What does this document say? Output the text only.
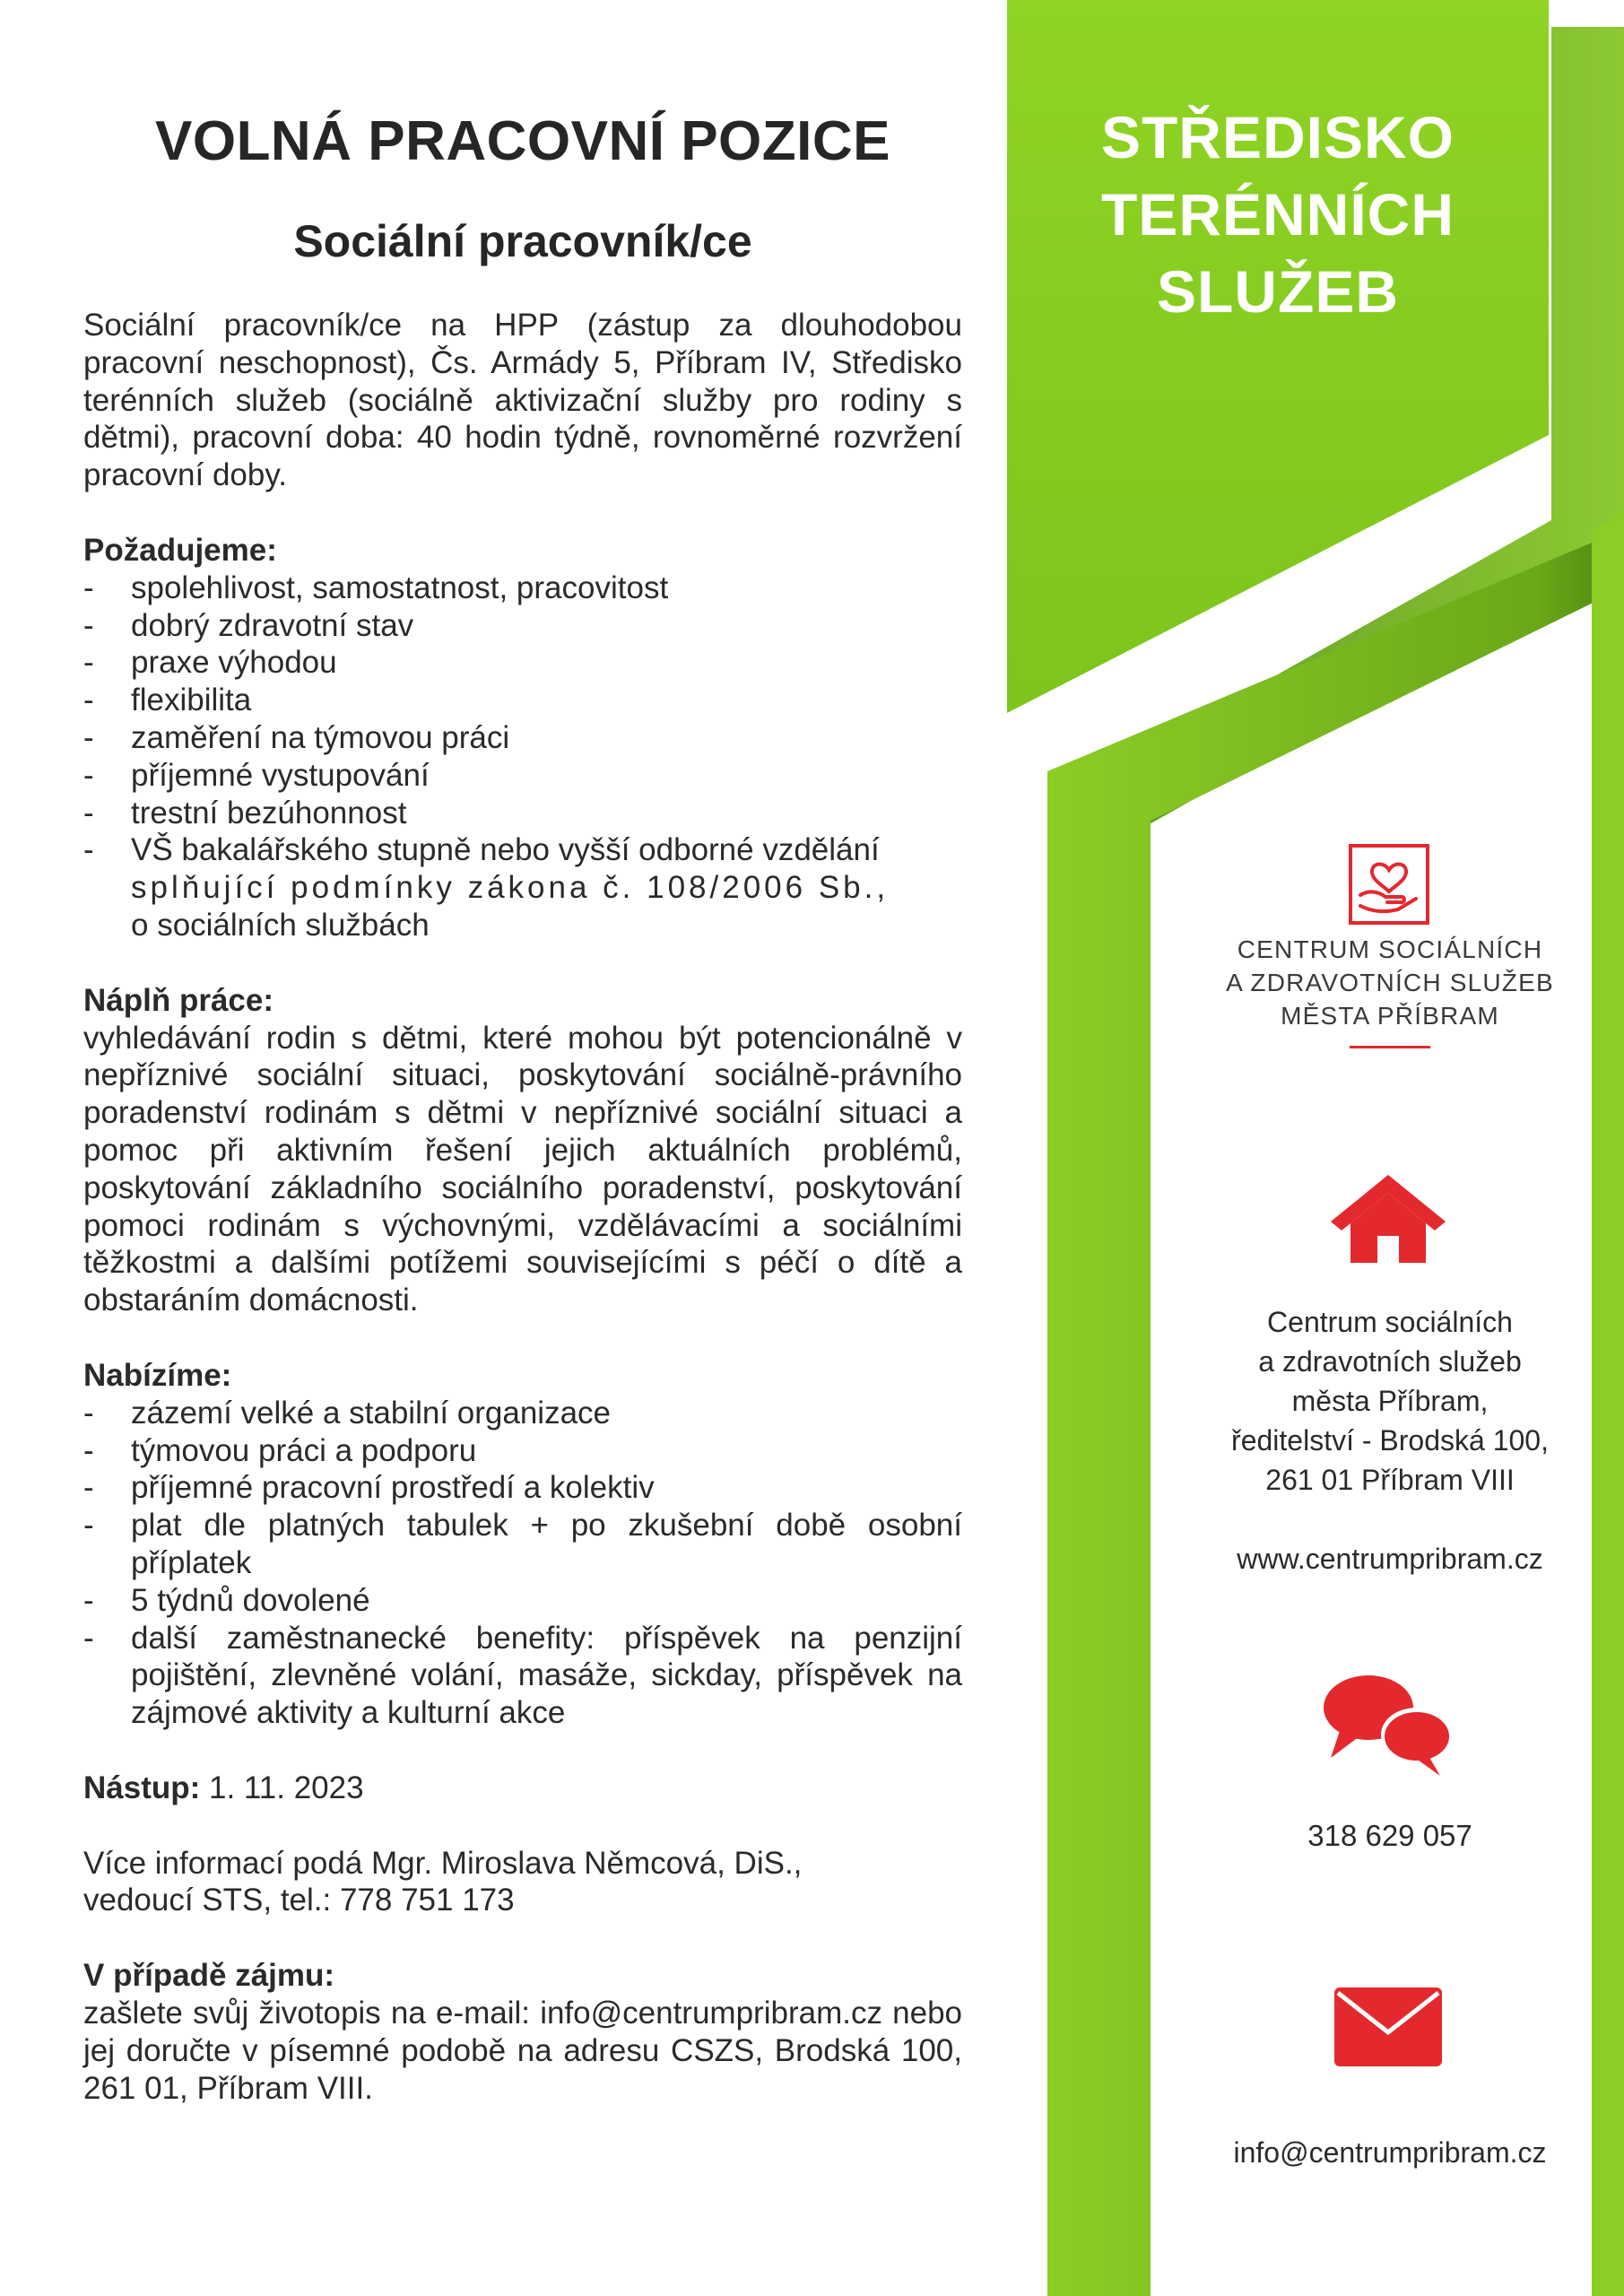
VOLNÁ PRACOVNÍ POZICE
Sociální pracovník/ce

Sociální pracovník/ce na HPP (zástup za dlouhodobou pracovní neschopnost), Čs. Armády 5, Příbram IV, Středisko terénních služeb (sociálně aktivizační služby pro rodiny s dětmi), pracovní doba: 40 hodin týdně, rovnoměrné rozvržení pracovní doby.

Požadujeme:

- spolehlivost, samostatnost, pracovitost
- dobrý zdravotní stav
- praxe výhodou
- flexibilita
- zaměření na týmovou práci
- příjemné vystupování
- trestní bezúhonnost
- VŠ bakalářského stupně nebo vyšší odborné vzdělání
splňující podmínky zákona č. 108/2006 Sb.,
o sociálních službách

Náplň práce:

vyhledávání rodin s dětmi, které mohou být potencionálně v nepříznivé sociální situaci, poskytování sociálně-právního poradenství rodinám s dětmi v nepříznivé sociální situaci a pomoc při aktivním řešení jejich aktuálních problémů, poskytování základního sociálního poradenství, poskytování pomoci rodinám s výchovnými, vzdělávacími a sociálními těžkostmi a dalšími potížemi souvisejícími s péčí o dítě a obstaráním domácnosti.

Nabízíme:

- zázemí velké a stabilní organizace
- týmovou práci a podporu
- příjemné pracovní prostředí a kolektiv
- plat dle platných tabulek + po zkušební době osobní příplatek
- 5 týdnů dovolené
- další zaměstnanecké benefity: příspěvek na penzijní pojištění, zlevněné volání, masáže, sickday, příspěvek na zájmové aktivity a kulturní akce

Nástup: 1. 11. 2023

Více informací podá Mgr. Miroslava Němcová, DiS.,
vedoucí STS, tel.: 778 751 173

V případě zájmu:

zašlete svůj životopis na e-mail: info@centrumpribram.cz nebo jej doručte v písemné podobě na adresu CSZS, Brodská 100, 261 01, Příbram VIII.

STŘEDISKO
TERÉNNÍCH
SLUŽEB
CENTRUM SOCIÁLNÍCH
A ZDRAVOTNÍCH SLUŽEB
MĚSTA PŘÍBRAM
Centrum sociálních
a zdravotních služeb
města Příbram,
ředitelství - Brodská 100,
261 01 Příbram VIII
www.centrumpribram.cz
318 629 057
info@centrumpribram.cz
